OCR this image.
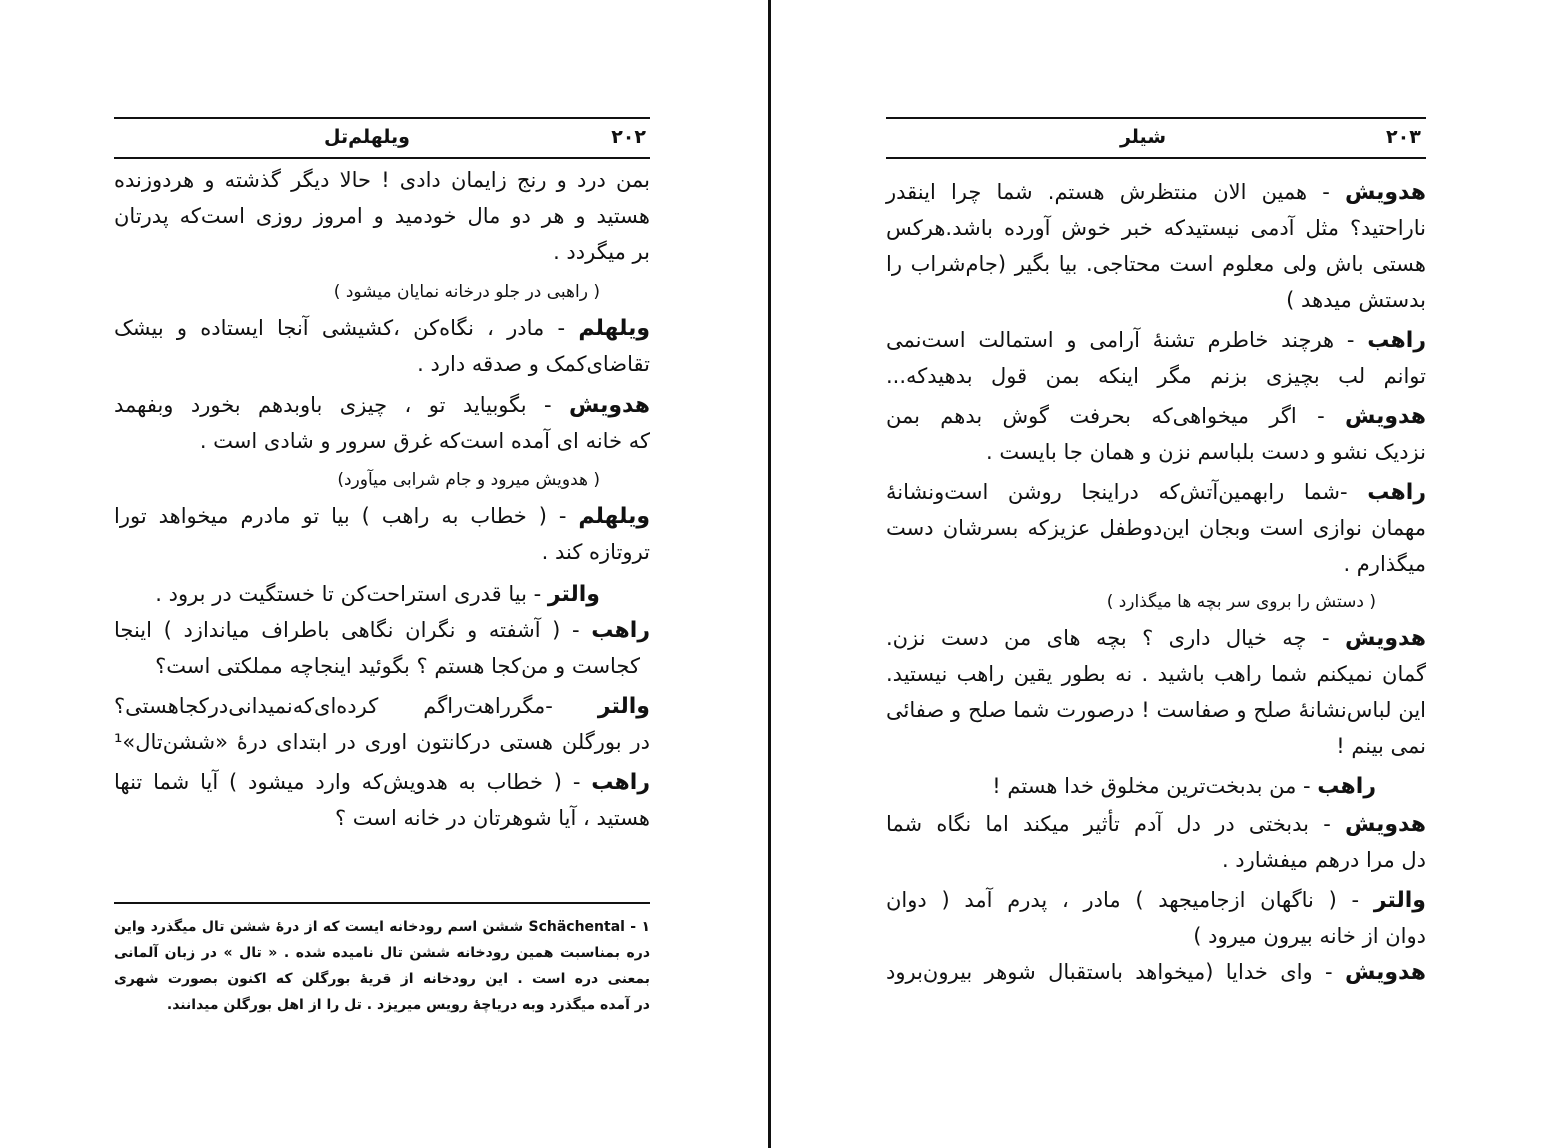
۲۰۲
ویلهلم‌تل
بمن درد و رنج زایمان دادی ! حالا دیگر گذشته و هردوزنده
هستید و هر دو مال خودمید و امروز روزی است‌که پدرتان
بر میگردد .
( راهبی در جلو درخانه نمایان میشود )
ویلهلم - مادر ، نگاه‌کن ،کشیشی آنجا ایستاده و بیشک
تقاضای‌کمک و صدقه دارد .
هدویش - بگوبیاید تو ، چیزی باوبدهم بخورد وبفهمد
که خانه ای آمده است‌که غرق سرور و شادی است .
( هدویش میرود و جام شرابی میآورد)
ویلهلم - ( خطاب به راهب ) بیا تو مادرم میخواهد تورا
تروتازه کند .
والتر - بیا قدری استراحت‌کن تا خستگیت در برود .
راهب - ( آشفته و نگران نگاهی باطراف میاندازد ) اینجا
کجاست و من‌کجا هستم ؟ بگوئید اینجا‌چه مملکتی است؟
والتر -مگرراهت‌راگم کرده‌ای‌که‌نمیدانی‌درکجاهستی؟
در بورگلن هستی درکانتون اوری در ابتدای درهٔ «ششن‌تال»¹
راهب - ( خطاب به هدویش‌که وارد میشود ) آیا شما تنها
هستید ، آیا شوهرتان در خانه است ؟
۱ - Schächental ششن اسم رودخانه ایست که از درهٔ ششن تال میگذرد واین
دره بمناسبت همین رودخانه ششن تال نامیده شده . « تال » در زبان آلمانی
بمعنی دره است . این رودخانه از قریهٔ بورگلن که اکنون بصورت شهری
در آمده میگذرد وبه دریاچهٔ رویس میریزد . تل را از اهل بورگلن میدانند.
شیلر	۲۰۳
هدویش - همین الان منتظرش هستم. شما چرا اینقدر
ناراحتید؟ مثل آدمی نیستیدکه خبر خوش آورده باشد.هرکس
هستی باش ولی معلوم است محتاجی. بیا بگیر (جام‌شراب را
بدستش میدهد )
راهب - هرچند خاطرم تشنهٔ آرامی و استمالت است‌نمی
توانم لب بچیزی بزنم مگر اینکه بمن قول بدهیدکه...
هدویش - اگر میخواهی‌که بحرفت گوش بدهم بمن
نزدیک نشو و دست بلباسم نزن و همان جا بایست .
راهب -شما رابهمین‌آتش‌که دراینجا روشن است‌ونشانهٔ
مهمان نوازی است وبجان این‌دوطفل عزیز‌که بسرشان دست
میگذارم .
( دستش را بروی سر بچه ها میگذارد )
هدویش - چه خیال داری ؟ بچه های من دست نزن.
گمان نمیکنم شما راهب باشید . نه بطور یقین راهب نیستید.
این لباس‌نشانهٔ صلح و صفاست ! درصورت شما صلح و صفائی
نمی بینم !
راهب - من بدبخت‌ترین مخلوق خدا هستم !
هدویش - بدبختی در دل آدم تأثیر میکند اما نگاه شما
دل مرا درهم میفشارد .
والتر - ( ناگهان ازجامیجهد ) مادر ، پدرم آمد ( دوان
دوان از خانه بیرون میرود )
هدویش - وای خدایا (میخواهد باستقبال شوهر بیرون‌برود
